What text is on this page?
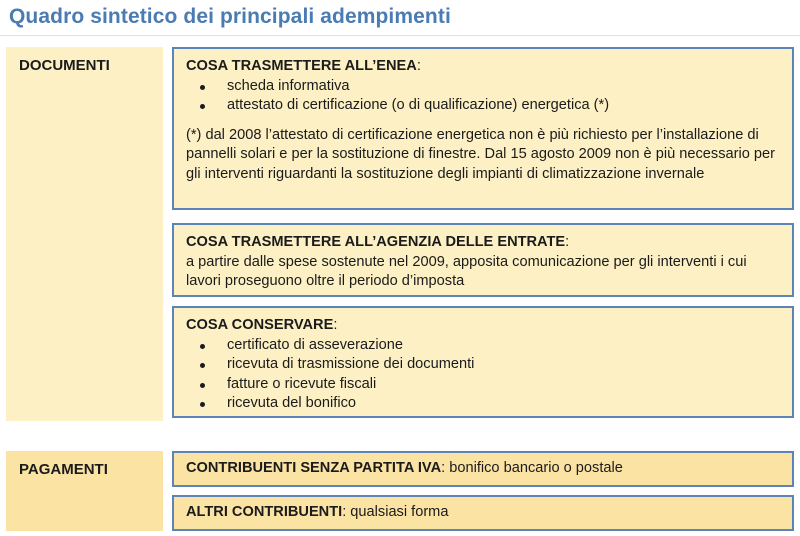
Quadro sintetico dei principali adempimenti
DOCUMENTI	COSA TRASMETTERE ALL’ENEA:
scheda informativa
attestato di certificazione (o di qualificazione) energetica (*)
(*) dal 2008 l’attestato di certificazione energetica non è più richiesto per l’installazione di pannelli solari e per la sostituzione di finestre. Dal 15 agosto 2009 non è più necessario per gli interventi riguardanti la sostituzione degli impianti di climatizzazione invernale
COSA TRASMETTERE ALL’AGENZIA DELLE ENTRATE:
a partire dalle spese sostenute nel 2009, apposita comunicazione per gli interventi i cui lavori proseguono oltre il periodo d’imposta
COSA CONSERVARE:
certificato di asseverazione
ricevuta di trasmissione dei documenti
fatture o ricevute fiscali
ricevuta del bonifico
PAGAMENTI	CONTRIBUENTI SENZA PARTITA IVA: bonifico bancario o postale
ALTRI CONTRIBUENTI: qualsiasi forma
